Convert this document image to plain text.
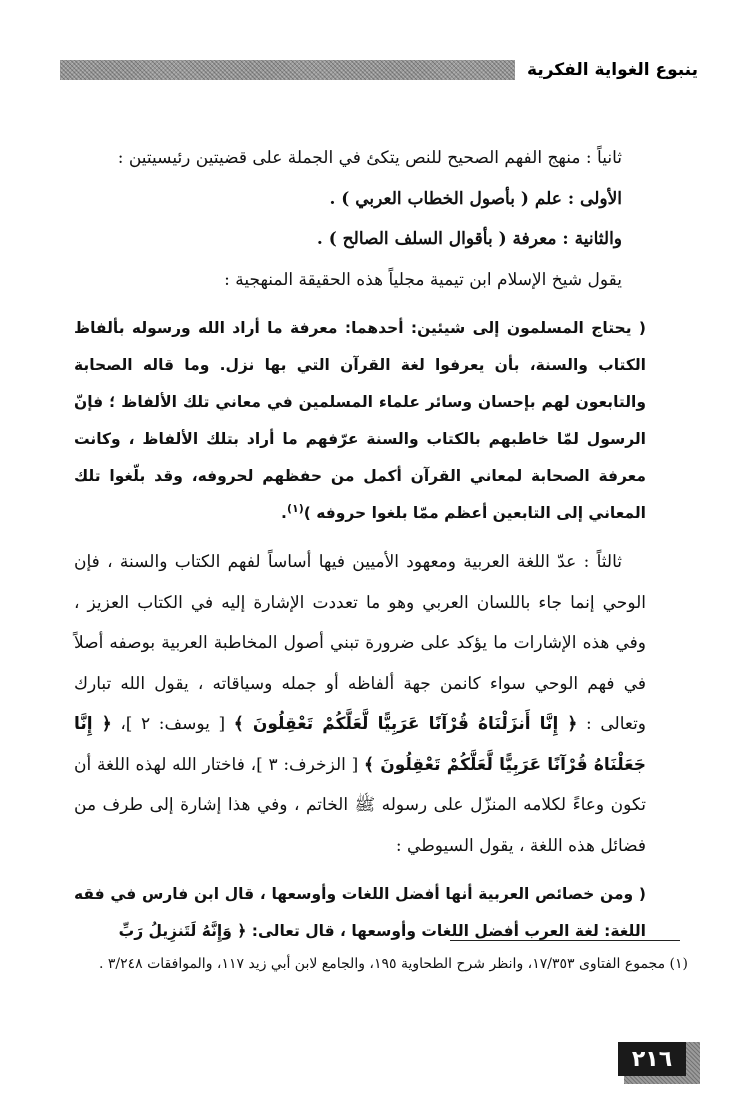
ينبوع الغواية الفكرية

ثانياً : منهج الفهم الصحيح للنص يتكئ في الجملة على قضيتين رئيسيتين :

الأولى : علم ( بأصول الخطاب العربي ) .

والثانية : معرفة ( بأقوال السلف الصالح ) .

يقول شيخ الإسلام ابن تيمية مجلياً هذه الحقيقة المنهجية :

( يحتاج المسلمون إلى شيئين: أحدهما: معرفة ما أراد الله ورسوله بألفاظ الكتاب والسنة، بأن يعرفوا لغة القرآن التي بها نزل. وما قاله الصحابة والتابعون لهم بإحسان وسائر علماء المسلمين في معاني تلك الألفاظ ؛ فإنّ الرسول لمّا خاطبهم بالكتاب والسنة عرّفهم ما أراد بتلك الألفاظ ، وكانت معرفة الصحابة لمعاني القرآن أكمل من حفظهم لحروفه، وقد بلّغوا تلك المعاني إلى التابعين أعظم ممّا بلغوا حروفه )$^{(١)}$.

ثالثاً : عدّ اللغة العربية ومعهود الأميين فيها أساساً لفهم الكتاب والسنة ، فإن الوحي إنما جاء باللسان العربي وهو ما تعددت الإشارة إليه في الكتاب العزيز ، وفي هذه الإشارات ما يؤكد على ضرورة تبني أصول المخاطبة العربية بوصفه أصلاً في فهم الوحي سواء كانمن جهة ألفاظه أو جمله وسياقاته ، يقول الله تبارك وتعالى : ﴿ إِنَّا أَنزَلْنَاهُ قُرْآنًا عَرَبِيًّا لَّعَلَّكُمْ تَعْقِلُونَ ﴾ [ يوسف: ٢ ]، ﴿ إِنَّا جَعَلْنَاهُ قُرْآنًا عَرَبِيًّا لَّعَلَّكُمْ تَعْقِلُونَ ﴾ [ الزخرف: ٣ ]، فاختار الله لهذه اللغة أن تكون وعاءً لكلامه المنزّل على رسوله ﷺ الخاتم ، وفي هذا إشارة إلى طرف من فضائل هذه اللغة ، يقول السيوطي :

( ومن خصائص العربية أنها أفضل اللغات وأوسعها ، قال ابن فارس في فقه اللغة: لغة العرب أفضل اللغات وأوسعها ، قال تعالى: ﴿ وَإِنَّهُ لَتَنزِيلُ رَبِّ

(١) مجموع الفتاوى ١٧/٣٥٣، وانظر شرح الطحاوية ١٩٥، والجامع لابن أبي زيد ١١٧، والموافقات ٣/٢٤٨ .

٢١٦
